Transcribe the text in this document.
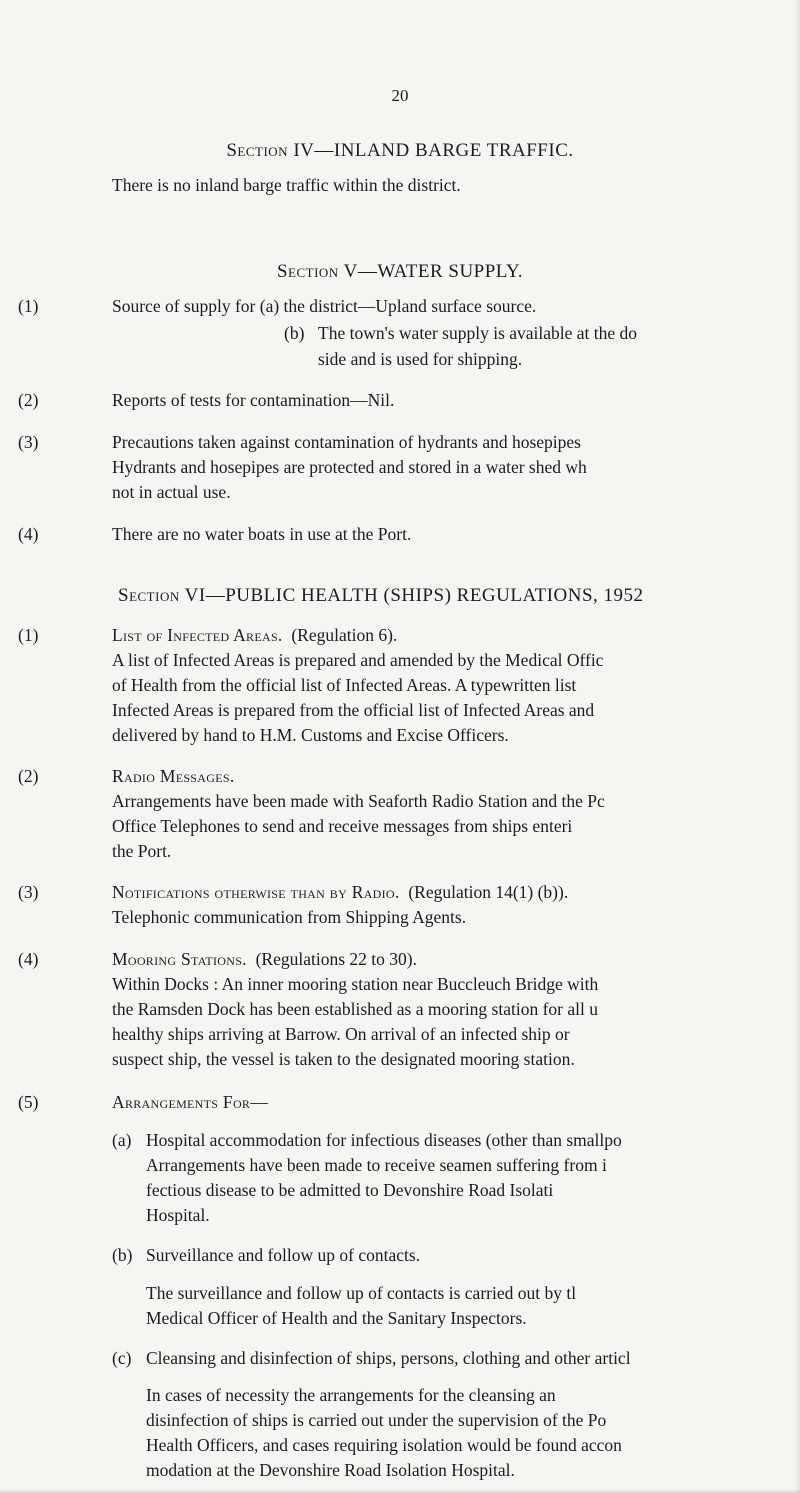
20
Section IV—INLAND BARGE TRAFFIC.
There is no inland barge traffic within the district.
Section V—WATER SUPPLY.
(1)	Source of supply for (a) the district—Upland surface source.
(b) The town's water supply is available at the do
side and is used for shipping.
(2)	Reports of tests for contamination—Nil.
(3)	Precautions taken against contamination of hydrants and hosepipes
Hydrants and hosepipes are protected and stored in a water shed wh
not in actual use.
(4)	There are no water boats in use at the Port.
Section VI—PUBLIC HEALTH (SHIPS) REGULATIONS, 1952
(1)	List of Infected Areas. (Regulation 6).
A list of Infected Areas is prepared and amended by the Medical Offic
of Health from the official list of Infected Areas. A typewritten list
Infected Areas is prepared from the official list of Infected Areas and
delivered by hand to H.M. Customs and Excise Officers.
(2)	Radio Messages.
Arrangements have been made with Seaforth Radio Station and the Pc
Office Telephones to send and receive messages from ships enteri
the Port.
(3)	Notifications otherwise than by Radio. (Regulation 14(1) (b)).
Telephonic communication from Shipping Agents.
(4)	Mooring Stations. (Regulations 22 to 30).
Within Docks : An inner mooring station near Buccleuch Bridge with
the Ramsden Dock has been established as a mooring station for all u
healthy ships arriving at Barrow. On arrival of an infected ship or
suspect ship, the vessel is taken to the designated mooring station.
(5)	Arrangements For—
(a) Hospital accommodation for infectious diseases (other than smallpo
Arrangements have been made to receive seamen suffering from i
fectious disease to be admitted to Devonshire Road Isolati
Hospital.
(b) Surveillance and follow up of contacts.
The surveillance and follow up of contacts is carried out by tl
Medical Officer of Health and the Sanitary Inspectors.
(c) Cleansing and disinfection of ships, persons, clothing and other articl
In cases of necessity the arrangements for the cleansing an
disinfection of ships is carried out under the supervision of the Po
Health Officers, and cases requiring isolation would be found accon
modation at the Devonshire Road Isolation Hospital.
